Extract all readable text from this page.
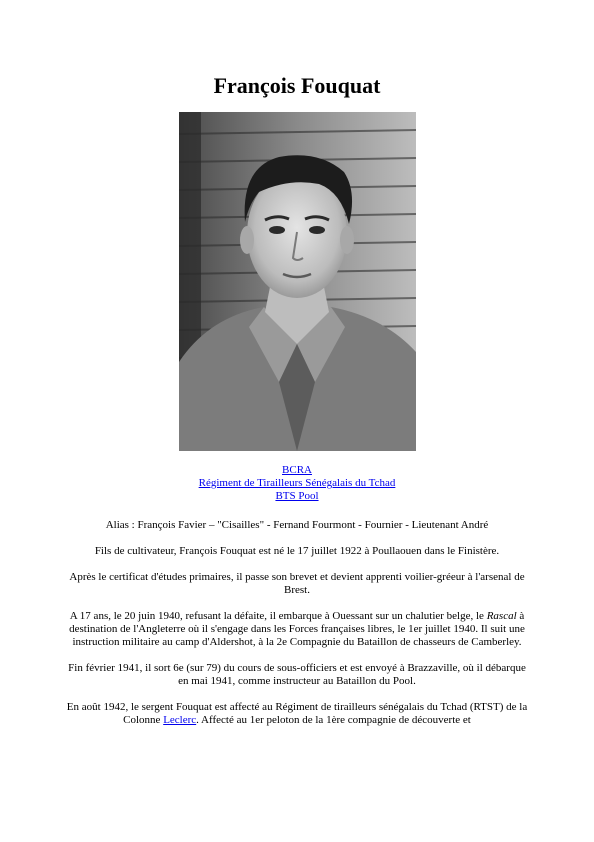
François Fouquat
BCRA
Régiment de Tirailleurs Sénégalais du Tchad
BTS Pool

Alias : François Favier – "Cisailles" - Fernand Fourmont - Fournier - Lieutenant André

Fils de cultivateur, François Fouquat est né le 17 juillet 1922 à Poullaouen dans le Finistère.

Après le certificat d'études primaires, il passe son brevet et devient apprenti voilier-gréeur à l'arsenal de Brest.

A 17 ans, le 20 juin 1940, refusant la défaite, il embarque à Ouessant sur un chalutier belge, le Rascal à destination de l'Angleterre où il s'engage dans les Forces françaises libres, le 1er juillet 1940. Il suit une instruction militaire au camp d'Aldershot, à la 2e Compagnie du Bataillon de chasseurs de Camberley.

Fin février 1941, il sort 6e (sur 79) du cours de sous-officiers et est envoyé à Brazzaville, où il débarque en mai 1941, comme instructeur au Bataillon du Pool.

En août 1942, le sergent Fouquat est affecté au Régiment de tirailleurs sénégalais du Tchad (RTST) de la Colonne Leclerc. Affecté au 1er peloton de la 1ère compagnie de découverte et
